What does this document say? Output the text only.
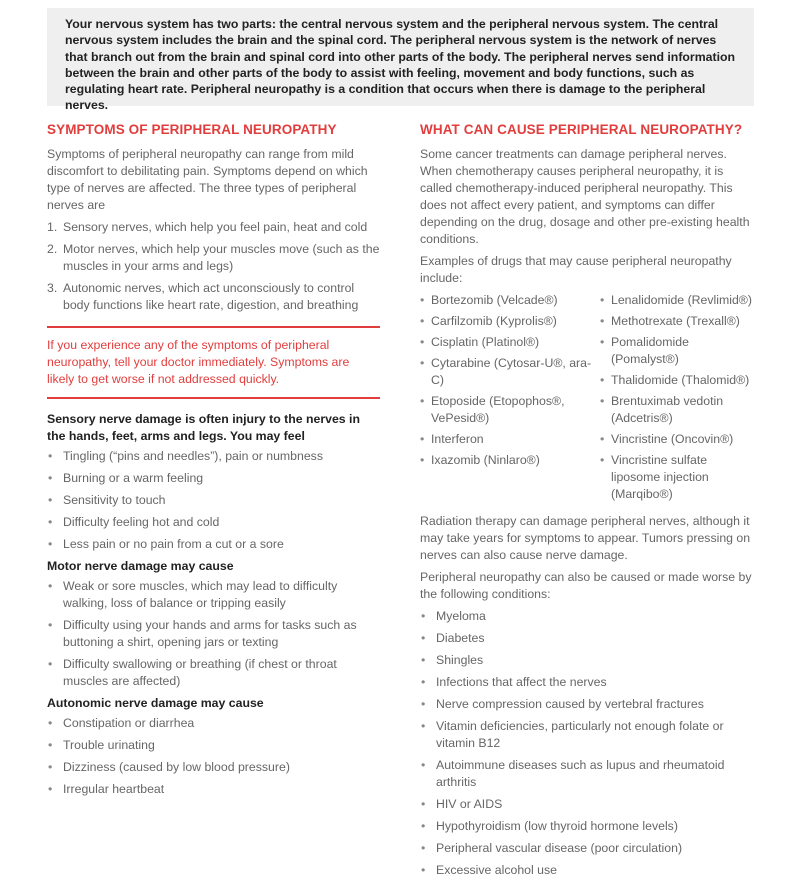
Your nervous system has two parts: the central nervous system and the peripheral nervous system. The central nervous system includes the brain and the spinal cord. The peripheral nervous system is the network of nerves that branch out from the brain and spinal cord into other parts of the body. The peripheral nerves send information between the brain and other parts of the body to assist with feeling, movement and body functions, such as regulating heart rate. Peripheral neuropathy is a condition that occurs when there is damage to the peripheral nerves.

SYMPTOMS OF PERIPHERAL NEUROPATHY

Symptoms of peripheral neuropathy can range from mild discomfort to debilitating pain. Symptoms depend on which type of nerves are affected. The three types of peripheral nerves are

1. Sensory nerves, which help you feel pain, heat and cold
2. Motor nerves, which help your muscles move (such as the muscles in your arms and legs)
3. Autonomic nerves, which act unconsciously to control body functions like heart rate, digestion, and breathing

If you experience any of the symptoms of peripheral neuropathy, tell your doctor immediately. Symptoms are likely to get worse if not addressed quickly.

Sensory nerve damage is often injury to the nerves in the hands, feet, arms and legs. You may feel
• Tingling (“pins and needles”), pain or numbness
• Burning or a warm feeling
• Sensitivity to touch
• Difficulty feeling hot and cold
• Less pain or no pain from a cut or a sore
Motor nerve damage may cause
• Weak or sore muscles, which may lead to difficulty walking, loss of balance or tripping easily
• Difficulty using your hands and arms for tasks such as buttoning a shirt, opening jars or texting
• Difficulty swallowing or breathing (if chest or throat muscles are affected)
Autonomic nerve damage may cause
• Constipation or diarrhea
• Trouble urinating
• Dizziness (caused by low blood pressure)
• Irregular heartbeat
WHAT CAN CAUSE PERIPHERAL NEUROPATHY?

Some cancer treatments can damage peripheral nerves. When chemotherapy causes peripheral neuropathy, it is called chemotherapy-induced peripheral neuropathy. This does not affect every patient, and symptoms can differ depending on the drug, dosage and other pre-existing health conditions.

Examples of drugs that may cause peripheral neuropathy include:

• Bortezomib (Velcade®)
• Carfilzomib (Kyprolis®)
• Cisplatin (Platinol®)
• Cytarabine (Cytosar-U®, ara-C)
• Etoposide (Etopophos®, VePesid®)
• Interferon
• Ixazomib (Ninlaro®)
• Lenalidomide (Revlimid®)
• Methotrexate (Trexall®)
• Pomalidomide (Pomalyst®)
• Thalidomide (Thalomid®)
• Brentuximab vedotin (Adcetris®)
• Vincristine (Oncovin®)
• Vincristine sulfate liposome injection (Marqibo®)

Radiation therapy can damage peripheral nerves, although it may take years for symptoms to appear. Tumors pressing on nerves can also cause nerve damage.

Peripheral neuropathy can also be caused or made worse by the following conditions:

• Myeloma
• Diabetes
• Shingles
• Infections that affect the nerves
• Nerve compression caused by vertebral fractures
• Vitamin deficiencies, particularly not enough folate or vitamin B12
• Autoimmune diseases such as lupus and rheumatoid arthritis
• HIV or AIDS
• Hypothyroidism (low thyroid hormone levels)
• Peripheral vascular disease (poor circulation)
• Excessive alcohol use
